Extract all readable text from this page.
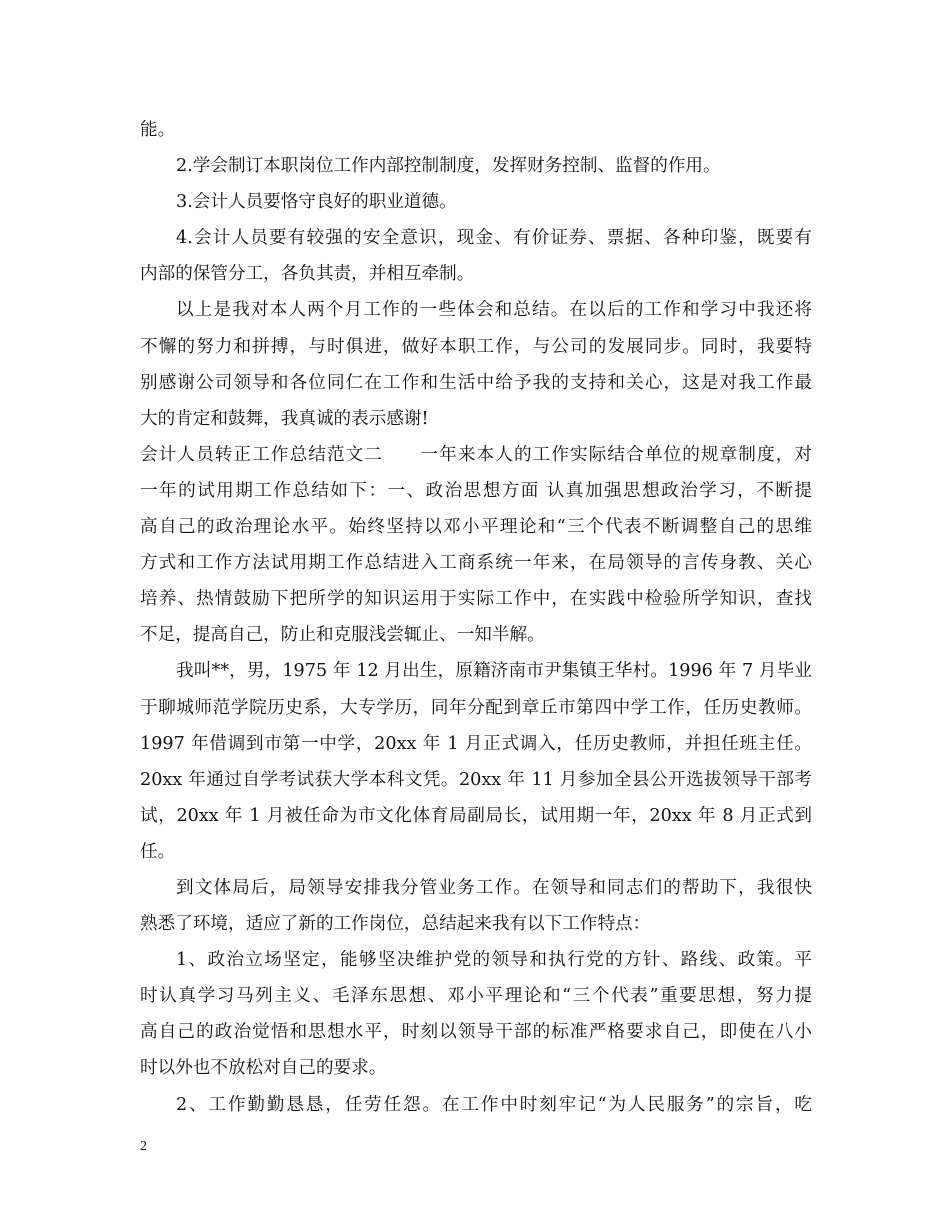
能。
2.学会制订本职岗位工作内部控制制度，发挥财务控制、监督的作用。
3.会计人员要恪守良好的职业道德。
4.会计人员要有较强的安全意识，现金、有价证券、票据、各种印鉴，既要有
内部的保管分工，各负其责，并相互牵制。
以上是我对本人两个月工作的一些体会和总结。在以后的工作和学习中我还将
不懈的努力和拼搏，与时俱进，做好本职工作，与公司的发展同步。同时，我要特
别感谢公司领导和各位同仁在工作和生活中给予我的支持和关心，这是对我工作最
大的肯定和鼓舞，我真诚的表示感谢!
会计人员转正工作总结范文二　　一年来本人的工作实际结合单位的规章制度，对
一年的试用期工作总结如下：一、政治思想方面 认真加强思想政治学习，不断提
高自己的政治理论水平。始终坚持以邓小平理论和“三个代表不断调整自己的思维
方式和工作方法试用期工作总结进入工商系统一年来，在局领导的言传身教、关心
培养、热情鼓励下把所学的知识运用于实际工作中，在实践中检验所学知识，查找
不足，提高自己，防止和克服浅尝辄止、一知半解。
我叫**，男，1975 年 12 月出生，原籍济南市尹集镇王华村。1996 年 7 月毕业
于聊城师范学院历史系，大专学历，同年分配到章丘市第四中学工作，任历史教师。
1997 年借调到市第一中学，20xx 年 1 月正式调入，任历史教师，并担任班主任。
20xx 年通过自学考试获大学本科文凭。20xx 年 11 月参加全县公开选拔领导干部考
试，20xx 年 1 月被任命为市文化体育局副局长，试用期一年，20xx 年 8 月正式到
任。
到文体局后，局领导安排我分管业务工作。在领导和同志们的帮助下，我很快
熟悉了环境，适应了新的工作岗位，总结起来我有以下工作特点：
1、政治立场坚定，能够坚决维护党的领导和执行党的方针、路线、政策。平
时认真学习马列主义、毛泽东思想、邓小平理论和“三个代表”重要思想，努力提
高自己的政治觉悟和思想水平，时刻以领导干部的标准严格要求自己，即使在八小
时以外也不放松对自己的要求。
2、工作勤勤恳恳，任劳任怨。在工作中时刻牢记“为人民服务”的宗旨，吃
2
